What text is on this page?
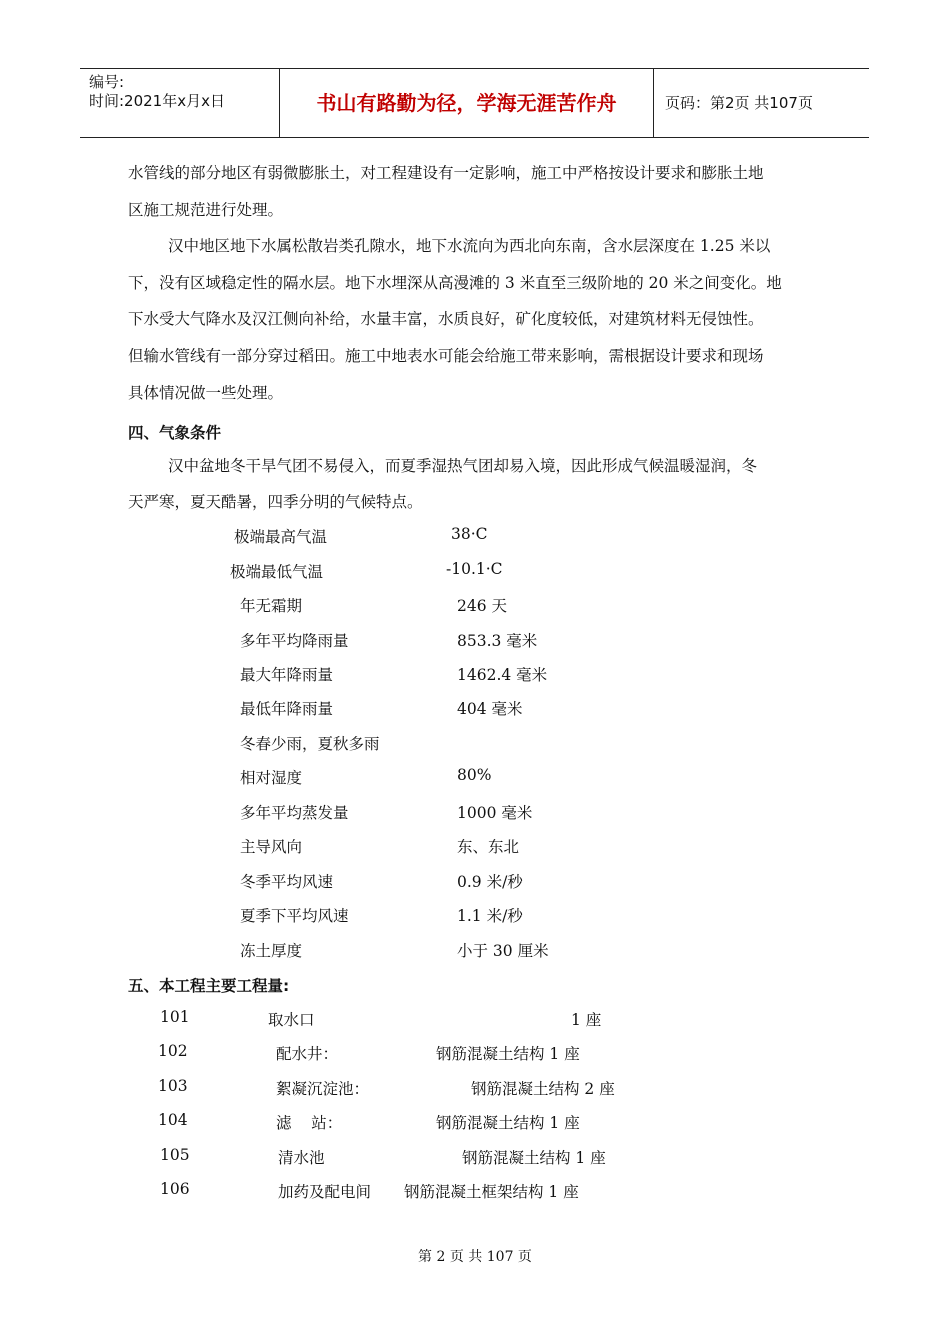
编号:
时间:2021年x月x日	书山有路勤为径，学海无涯苦作舟	页码：第2页 共107页

水管线的部分地区有弱微膨胀土，对工程建设有一定影响，施工中严格按设计要求和膨胀土地

区施工规范进行处理。

汉中地区地下水属松散岩类孔隙水，地下水流向为西北向东南，含水层深度在 1.25 米以

下，没有区域稳定性的隔水层。地下水埋深从高漫滩的 3 米直至三级阶地的 20 米之间变化。地

下水受大气降水及汉江侧向补给，水量丰富，水质良好，矿化度较低，对建筑材料无侵蚀性。

但输水管线有一部分穿过稻田。施工中地表水可能会给施工带来影响，需根据设计要求和现场

具体情况做一些处理。

四、气象条件

汉中盆地冬干旱气团不易侵入，而夏季湿热气团却易入境，因此形成气候温暖湿润，冬

天严寒，夏天酷暑，四季分明的气候特点。

极端最高气温	38·C
极端最低气温	-10.1·C
年无霜期	246 天
多年平均降雨量	853.3 毫米
最大年降雨量	1462.4 毫米
最低年降雨量	404 毫米
冬春少雨，夏秋多雨
相对湿度	80%
多年平均蒸发量	1000 毫米
主导风向	东、东北
冬季平均风速	0.9 米/秒
夏季下平均风速	1.1 米/秒
冻土厚度	小于 30 厘米

五、本工程主要工程量:

101	取水口	1 座
102	配水井：	钢筋混凝土结构 1 座
103	絮凝沉淀池：	钢筋混凝土结构 2 座
104	滤    站：	钢筋混凝土结构 1 座
105	清水池	钢筋混凝土结构 1 座
106	加药及配电间 钢筋混凝土框架结构 1 座
第 2 页 共 107 页
